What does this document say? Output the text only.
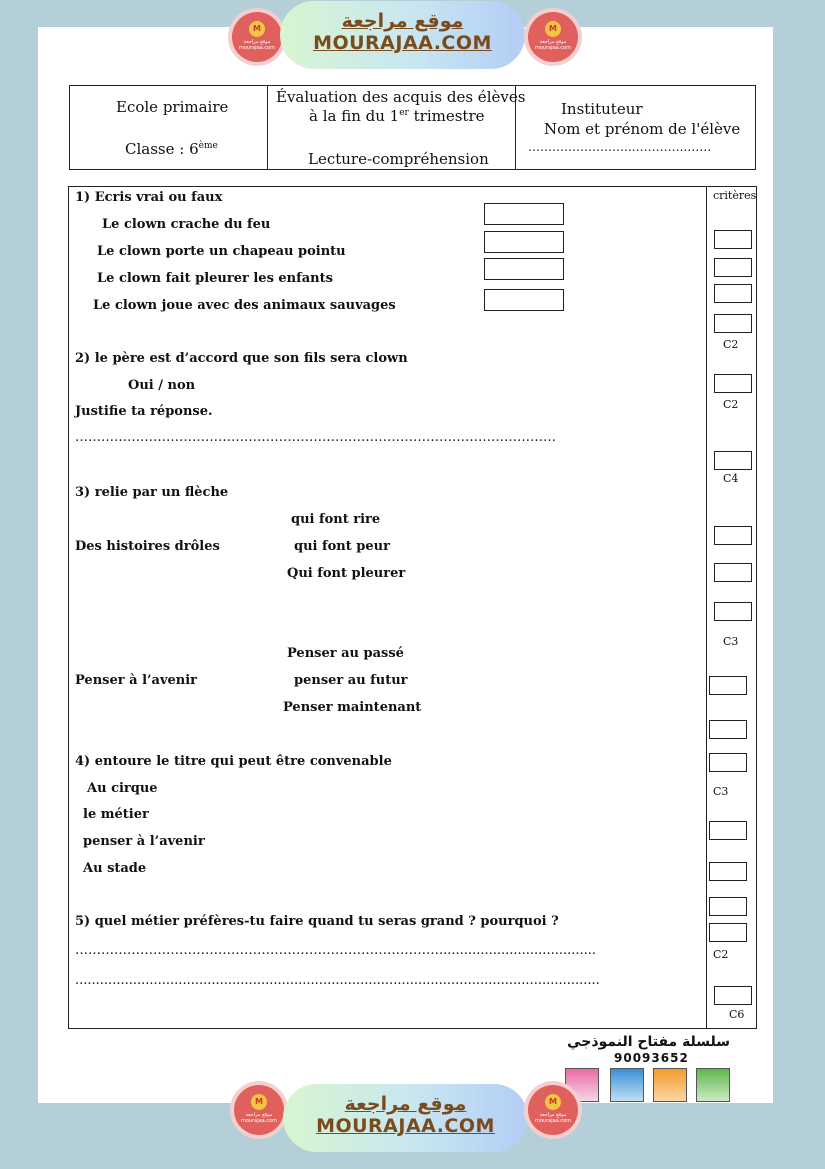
M
موقع مراجعة
mourajaa.com
موقع مراجعة
MOURAJAA.COM
M
موقع مراجعة
mourajaa.com
Ecole primaire
Classe : 6ème
Évaluation des acquis des élèves
à la fin du 1er trimestre
Lecture-compréhension
Instituteur
Nom et prénom de l'élève
……………………..…………..……
critères
1) Ecris vrai ou faux
Le clown crache du feu
Le clown porte un chapeau pointu
Le clown fait pleurer les enfants
Le clown joue avec des animaux sauvages
2) le père est d’accord que son fils sera clown
Oui / non
Justifie ta réponse.
…………………………………………………………………………………………………
3) relie par un flèche
qui font rire
Des histoires drôles	qui font peur
Qui font pleurer
Penser au passé
Penser à l’avenir	penser au futur
Penser maintenant
4) entoure le titre qui peut être convenable
Au cirque
le métier
penser à l’avenir
Au stade
5) quel métier préfères-tu faire quand tu seras grand ? pourquoi ?
…………………………………………………………………………......................................
...............................................................................................................................
C2
C2
C4
C3
C3
C2
C6
سلسلة مفتاح النموذجي
90093652
M
موقع مراجعة
mourajaa.com
موقع مراجعة
MOURAJAA.COM
M
موقع مراجعة
mourajaa.com
